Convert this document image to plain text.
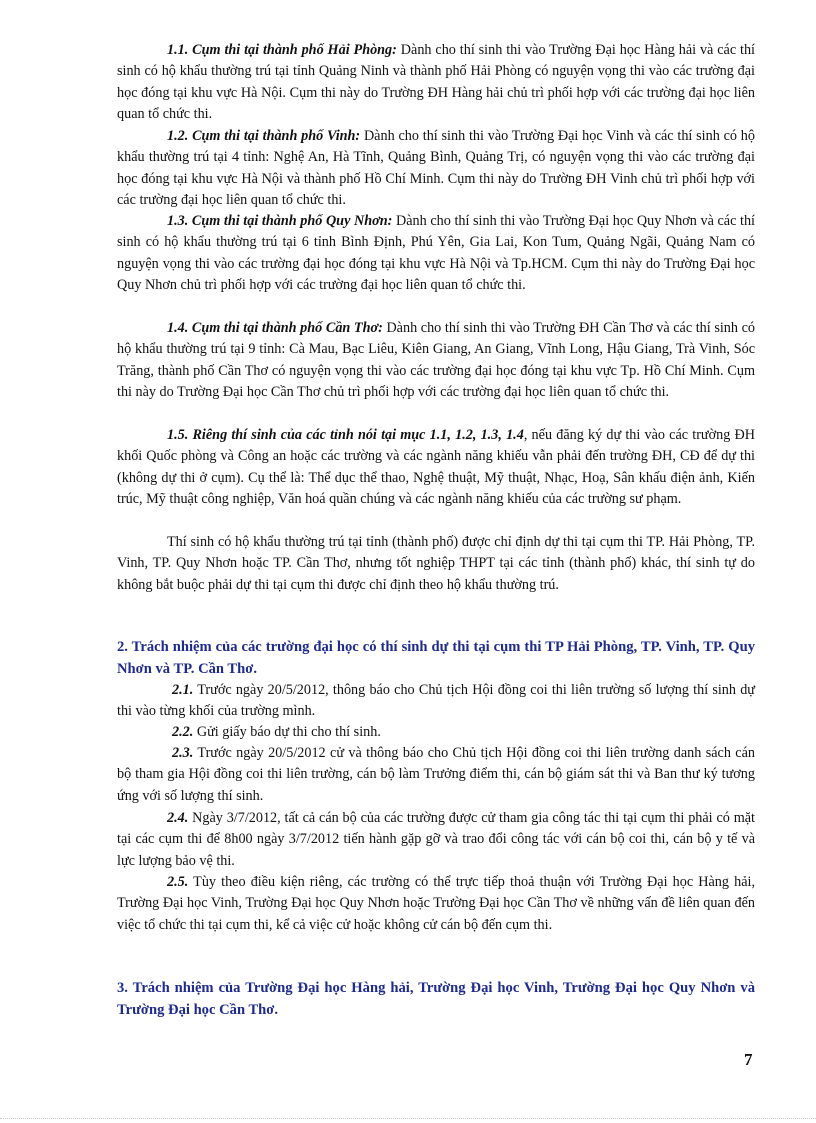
1.1. Cụm thi tại thành phố Hải Phòng: Dành cho thí sinh thi vào Trường Đại học Hàng hải và các thí sinh có hộ khẩu thường trú tại tỉnh Quảng Ninh và thành phố Hải Phòng có nguyện vọng thi vào các trường đại học đóng tại khu vực Hà Nội. Cụm thi này do Trường ĐH Hàng hải chủ trì phối hợp với các trường đại học liên quan tổ chức thi.

1.2. Cụm thi tại thành phố Vinh: Dành cho thí sinh thi vào Trường Đại học Vinh và các thí sinh có hộ khẩu thường trú tại 4 tỉnh: Nghệ An, Hà Tĩnh, Quảng Bình, Quảng Trị, có nguyện vọng thi vào các trường đại học đóng tại khu vực Hà Nội và thành phố Hồ Chí Minh. Cụm thi này do Trường ĐH Vinh chủ trì phối hợp với các trường đại học liên quan tổ chức thi.

1.3. Cụm thi tại thành phố Quy Nhơn: Dành cho thí sinh thi vào Trường Đại học Quy Nhơn và các thí sinh có hộ khẩu thường trú tại 6 tỉnh Bình Định, Phú Yên, Gia Lai, Kon Tum, Quảng Ngãi, Quảng Nam có nguyện vọng thi vào các trường đại học đóng tại khu vực Hà Nội và Tp.HCM. Cụm thi này do Trường Đại học Quy Nhơn chủ trì phối hợp với các trường đại học liên quan tổ chức thi.

1.4. Cụm thi tại thành phố Cần Thơ: Dành cho thí sinh thi vào Trường ĐH Cần Thơ và các thí sinh có hộ khẩu thường trú tại 9 tỉnh: Cà Mau, Bạc Liêu, Kiên Giang, An Giang, Vĩnh Long, Hậu Giang, Trà Vinh, Sóc Trăng, thành phố Cần Thơ có nguyện vọng thi vào các trường đại học đóng tại khu vực Tp. Hồ Chí Minh. Cụm thi này do Trường Đại học Cần Thơ chủ trì phối hợp với các trường đại học liên quan tổ chức thi.

1.5. Riêng thí sinh của các tỉnh nói tại mục 1.1, 1.2, 1.3, 1.4, nếu đăng ký dự thi vào các trường ĐH khối Quốc phòng và Công an hoặc các trường và các ngành năng khiếu vẫn phải đến trường ĐH, CĐ để dự thi (không dự thi ở cụm). Cụ thể là: Thể dục thể thao, Nghệ thuật, Mỹ thuật, Nhạc, Hoạ, Sân khấu điện ảnh, Kiến trúc, Mỹ thuật công nghiệp, Văn hoá quần chúng và các ngành năng khiếu của các trường sư phạm.

Thí sinh có hộ khẩu thường trú tại tỉnh (thành phố) được chỉ định dự thi tại cụm thi TP. Hải Phòng, TP. Vinh, TP. Quy Nhơn hoặc TP. Cần Thơ, nhưng tốt nghiệp THPT tại các tỉnh (thành phố) khác, thí sinh tự do không bắt buộc phải dự thi tại cụm thi được chỉ định theo hộ khẩu thường trú.

2. Trách nhiệm của các trường đại học có thí sinh dự thi tại cụm thi TP Hải Phòng, TP. Vinh, TP. Quy Nhơn và TP. Cần Thơ.

2.1. Trước ngày 20/5/2012, thông báo cho Chủ tịch Hội đồng coi thi liên trường số lượng thí sinh dự thi vào từng khối của trường mình.

2.2. Gửi giấy báo dự thi cho thí sinh.

2.3. Trước ngày 20/5/2012 cử và thông báo cho Chủ tịch Hội đồng coi thi liên trường danh sách cán bộ tham gia Hội đồng coi thi liên trường, cán bộ làm Trưởng điểm thi, cán bộ giám sát thi và Ban thư ký tương ứng với số lượng thí sinh.

2.4. Ngày 3/7/2012, tất cả cán bộ của các trường được cử tham gia công tác thi tại cụm thi phải có mặt tại các cụm thi để 8h00 ngày 3/7/2012 tiến hành gặp gỡ và trao đổi công tác với cán bộ coi thi, cán bộ y tế và lực lượng bảo vệ thi.

2.5. Tùy theo điều kiện riêng, các trường có thể trực tiếp thoả thuận với Trường Đại học Hàng hải, Trường Đại học Vinh, Trường Đại học Quy Nhơn hoặc Trường Đại học Cần Thơ về những vấn đề liên quan đến việc tổ chức thi tại cụm thi, kể cả việc cử hoặc không cử cán bộ đến cụm thi.

3. Trách nhiệm của Trường Đại học Hàng hải, Trường Đại học Vinh, Trường Đại học Quy Nhơn và Trường Đại học Cần Thơ.

7
